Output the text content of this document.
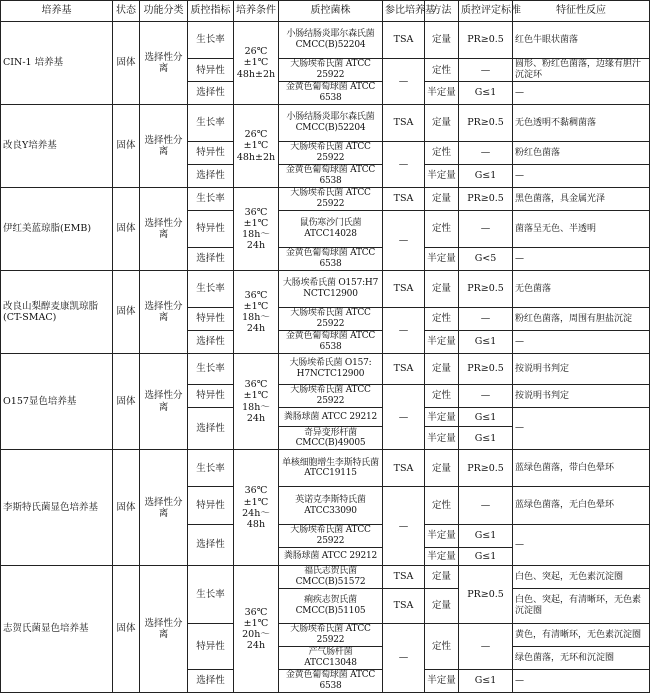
培养基	状态	功能分类	质控指标	培养条件	质控菌株	参比培养基	方法	质控评定标准	特征性反应
CIN-1 培养基	固体	选择性分离	生长率	26℃±1℃ 48h±2h	小肠结肠炎耶尔森氏菌 CMCC(B)52204	TSA	定量	PR≥0.5	红色牛眼状菌落
			特异性		大肠埃希氏菌 ATCC 25922	—	定性	—	圆形、粉红色菌落，边缘有胆汁沉淀环
			选择性		金黄色葡萄球菌 ATCC 6538		半定量	G≤1	—
改良Y培养基	固体	选择性分离	生长率	26℃±1℃ 48h±2h	小肠结肠炎耶尔森氏菌 CMCC(B)52204	TSA	定量	PR≥0.5	无色透明不黏稠菌落
			特异性		大肠埃希氏菌 ATCC 25922	—	定性	—	粉红色菌落
			选择性		金黄色葡萄球菌 ATCC 6538		半定量	G≤1	—
伊红美蓝琼脂(EMB)	固体	选择性分离	生长率	36℃±1℃ 18h～24h	大肠埃希氏菌 ATCC 25922	TSA	定量	PR≥0.5	黑色菌落，具金属光泽
			特异性		鼠伤寒沙门氏菌 ATCC14028	—	定性	—	菌落呈无色、半透明
			选择性		金黄色葡萄球菌 ATCC 6538		半定量	G<5	—
改良山梨醇麦康凯琼脂(CT-SMAC)	固体	选择性分离	生长率	36℃±1℃ 18h～24h	大肠埃希氏菌 O157:H7 NCTC12900	TSA	定量	PR≥0.5	无色菌落
			特异性		大肠埃希氏菌 ATCC 25922	—	定性	—	粉红色菌落，周围有胆盐沉淀
			选择性		金黄色葡萄球菌 ATCC 6538		半定量	G≤1	—
O157显色培养基	固体	选择性分离	生长率	36℃±1℃ 18h～24h	大肠埃希氏菌 O157: H7NCTC12900	TSA	定量	PR≥0.5	按说明书判定
			特异性		大肠埃希氏菌 ATCC 25922	—	定性	—	按说明书判定
			选择性		粪肠球菌 ATCC 29212		半定量	G≤1	—
					奇异变形杆菌 CMCC(B)49005		半定量	G≤1	
李斯特氏菌显色培养基	固体	选择性分离	生长率	36℃±1℃ 24h～48h	单核细胞增生李斯特氏菌 ATCC19115	TSA	定量	PR≥0.5	蓝绿色菌落，带白色晕环
			特异性		英诺克李斯特氏菌 ATCC33090	—	定性	—	蓝绿色菌落，无白色晕环
			选择性		大肠埃希氏菌 ATCC 25922		半定量	G≤1	—
					粪肠球菌 ATCC 29212		半定量	G≤1	
志贺氏菌显色培养基	固体	选择性分离	生长率	36℃±1℃ 20h～24h	福氏志贺氏菌 CMCC(B)51572	TSA	定量	PR≥0.5	白色、突起，无色素沉淀圈
					痢疾志贺氏菌 CMCC(B)51105	TSA	定量		白色、突起，有清晰环，无色素沉淀圈
			特异性		大肠埃希氏菌 ATCC 25922	—	定性	—	黄色，有清晰环，无色素沉淀圈
					产气肠杆菌 ATCC13048				绿色菌落，无环和沉淀圈
			选择性		金黄色葡萄球菌 ATCC 6538		半定量	G≤1	—
